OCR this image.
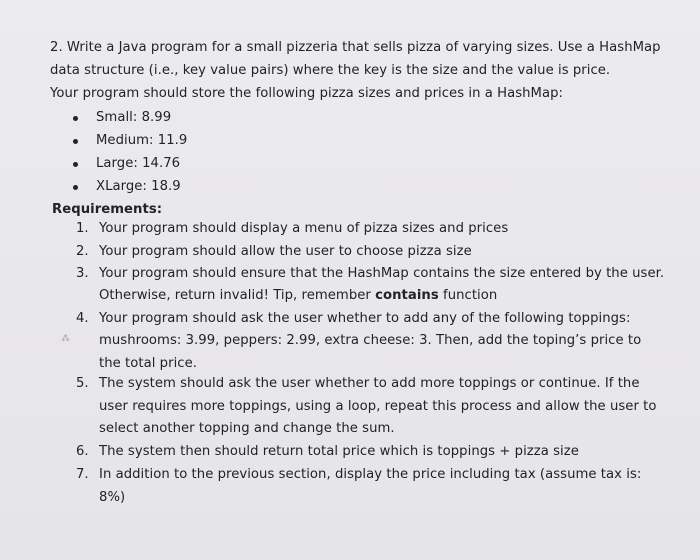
2. Write a Java program for a small pizzeria that sells pizza of varying sizes. Use a HashMap
data structure (i.e., key value pairs) where the key is the size and the value is price.
Your program should store the following pizza sizes and prices in a HashMap:
Small: 8.99
Medium: 11.9
Large: 14.76
XLarge: 18.9
Requirements:
1. Your program should display a menu of pizza sizes and prices
2. Your program should allow the user to choose pizza size
3. Your program should ensure that the HashMap contains the size entered by the user.
Otherwise, return invalid! Tip, remember contains function
4. Your program should ask the user whether to add any of the following toppings:
⁂ mushrooms: 3.99, peppers: 2.99, extra cheese: 3. Then, add the toping’s price to
the total price.
5. The system should ask the user whether to add more toppings or continue. If the
user requires more toppings, using a loop, repeat this process and allow the user to
select another topping and change the sum.
6. The system then should return total price which is toppings + pizza size
7. In addition to the previous section, display the price including tax (assume tax is:
8%)
